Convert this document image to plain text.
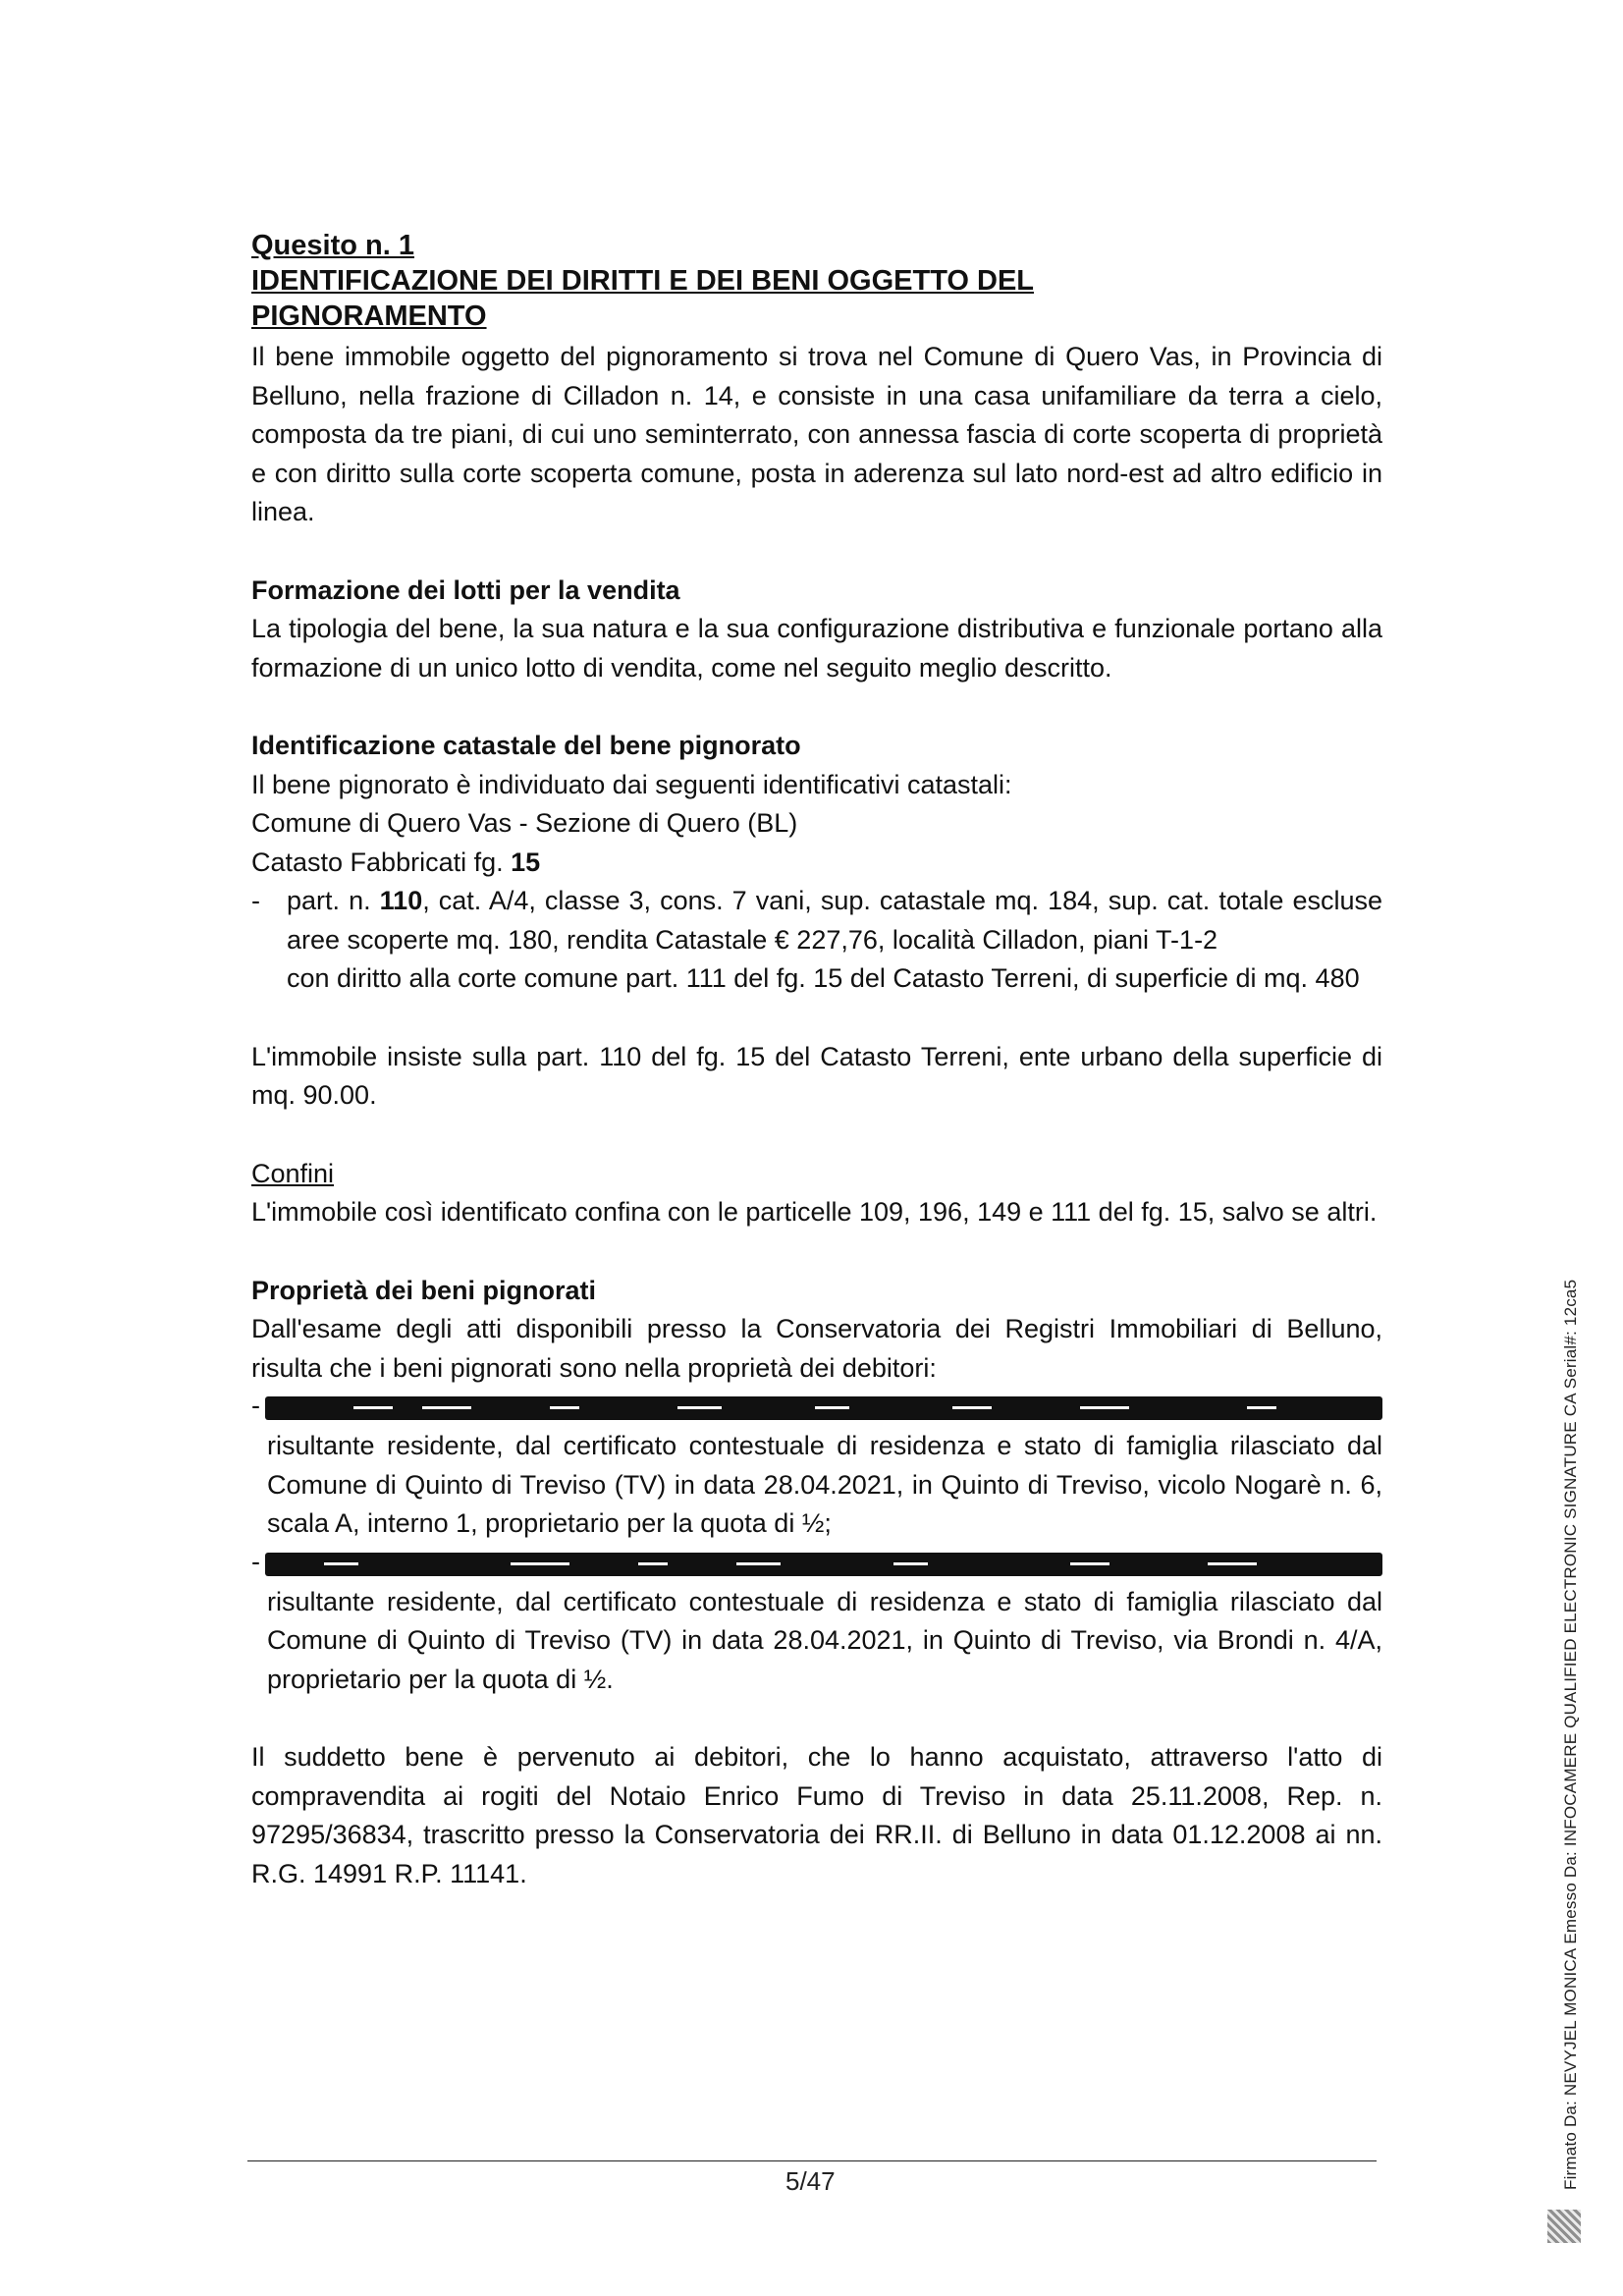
Quesito n. 1

IDENTIFICAZIONE DEI DIRITTI E DEI BENI OGGETTO DEL

PIGNORAMENTO

Il bene immobile oggetto del pignoramento si trova nel Comune di Quero Vas, in Provincia di Belluno, nella frazione di Cilladon n. 14, e consiste in una casa unifamiliare da terra a cielo, composta da tre piani, di cui uno seminterrato, con annessa fascia di corte scoperta di proprietà e con diritto sulla corte scoperta comune, posta in aderenza sul lato nord-est ad altro edificio in linea.

Formazione dei lotti per la vendita

La tipologia del bene, la sua natura e la sua configurazione distributiva e funzionale portano alla formazione di un unico lotto di vendita, come nel seguito meglio descritto.

Identificazione catastale del bene pignorato

Il bene pignorato è individuato dai seguenti identificativi catastali:

Comune di Quero Vas - Sezione di Quero (BL)

Catasto Fabbricati fg. 15

- part. n. 110, cat. A/4, classe 3, cons. 7 vani, sup. catastale mq. 184, sup. cat. totale escluse aree scoperte mq. 180, rendita Catastale € 227,76, località Cilladon, piani T-1-2

con diritto alla corte comune part. 111 del fg. 15 del Catasto Terreni, di superficie di mq. 480

L'immobile insiste sulla part. 110 del fg. 15 del Catasto Terreni, ente urbano della superficie di mq. 90.00.

Confini

L'immobile così identificato confina con le particelle 109, 196, 149 e 111 del fg. 15, salvo se altri.

Proprietà dei beni pignorati

Dall'esame degli atti disponibili presso la Conservatoria dei Registri Immobiliari di Belluno, risulta che i beni pignorati sono nella proprietà dei debitori:

-

risultante residente, dal certificato contestuale di residenza e stato di famiglia rilasciato dal Comune di Quinto di Treviso (TV) in data 28.04.2021, in Quinto di Treviso, vicolo Nogarè n. 6, scala A, interno 1, proprietario per la quota di ½;

-

risultante residente, dal certificato contestuale di residenza e stato di famiglia rilasciato dal Comune di Quinto di Treviso (TV) in data 28.04.2021, in Quinto di Treviso, via Brondi n. 4/A, proprietario per la quota di ½.

Il suddetto bene è pervenuto ai debitori, che lo hanno acquistato, attraverso l'atto di compravendita ai rogiti del Notaio Enrico Fumo di Treviso in data 25.11.2008, Rep. n. 97295/36834, trascritto presso la Conservatoria dei RR.II. di Belluno in data 01.12.2008 ai nn. R.G. 14991 R.P. 11141.

5/47	Firmato Da: NEVYJEL MONICA Emesso Da: INFOCAMERE QUALIFIED ELECTRONIC SIGNATURE CA Serial#: 12ca5
